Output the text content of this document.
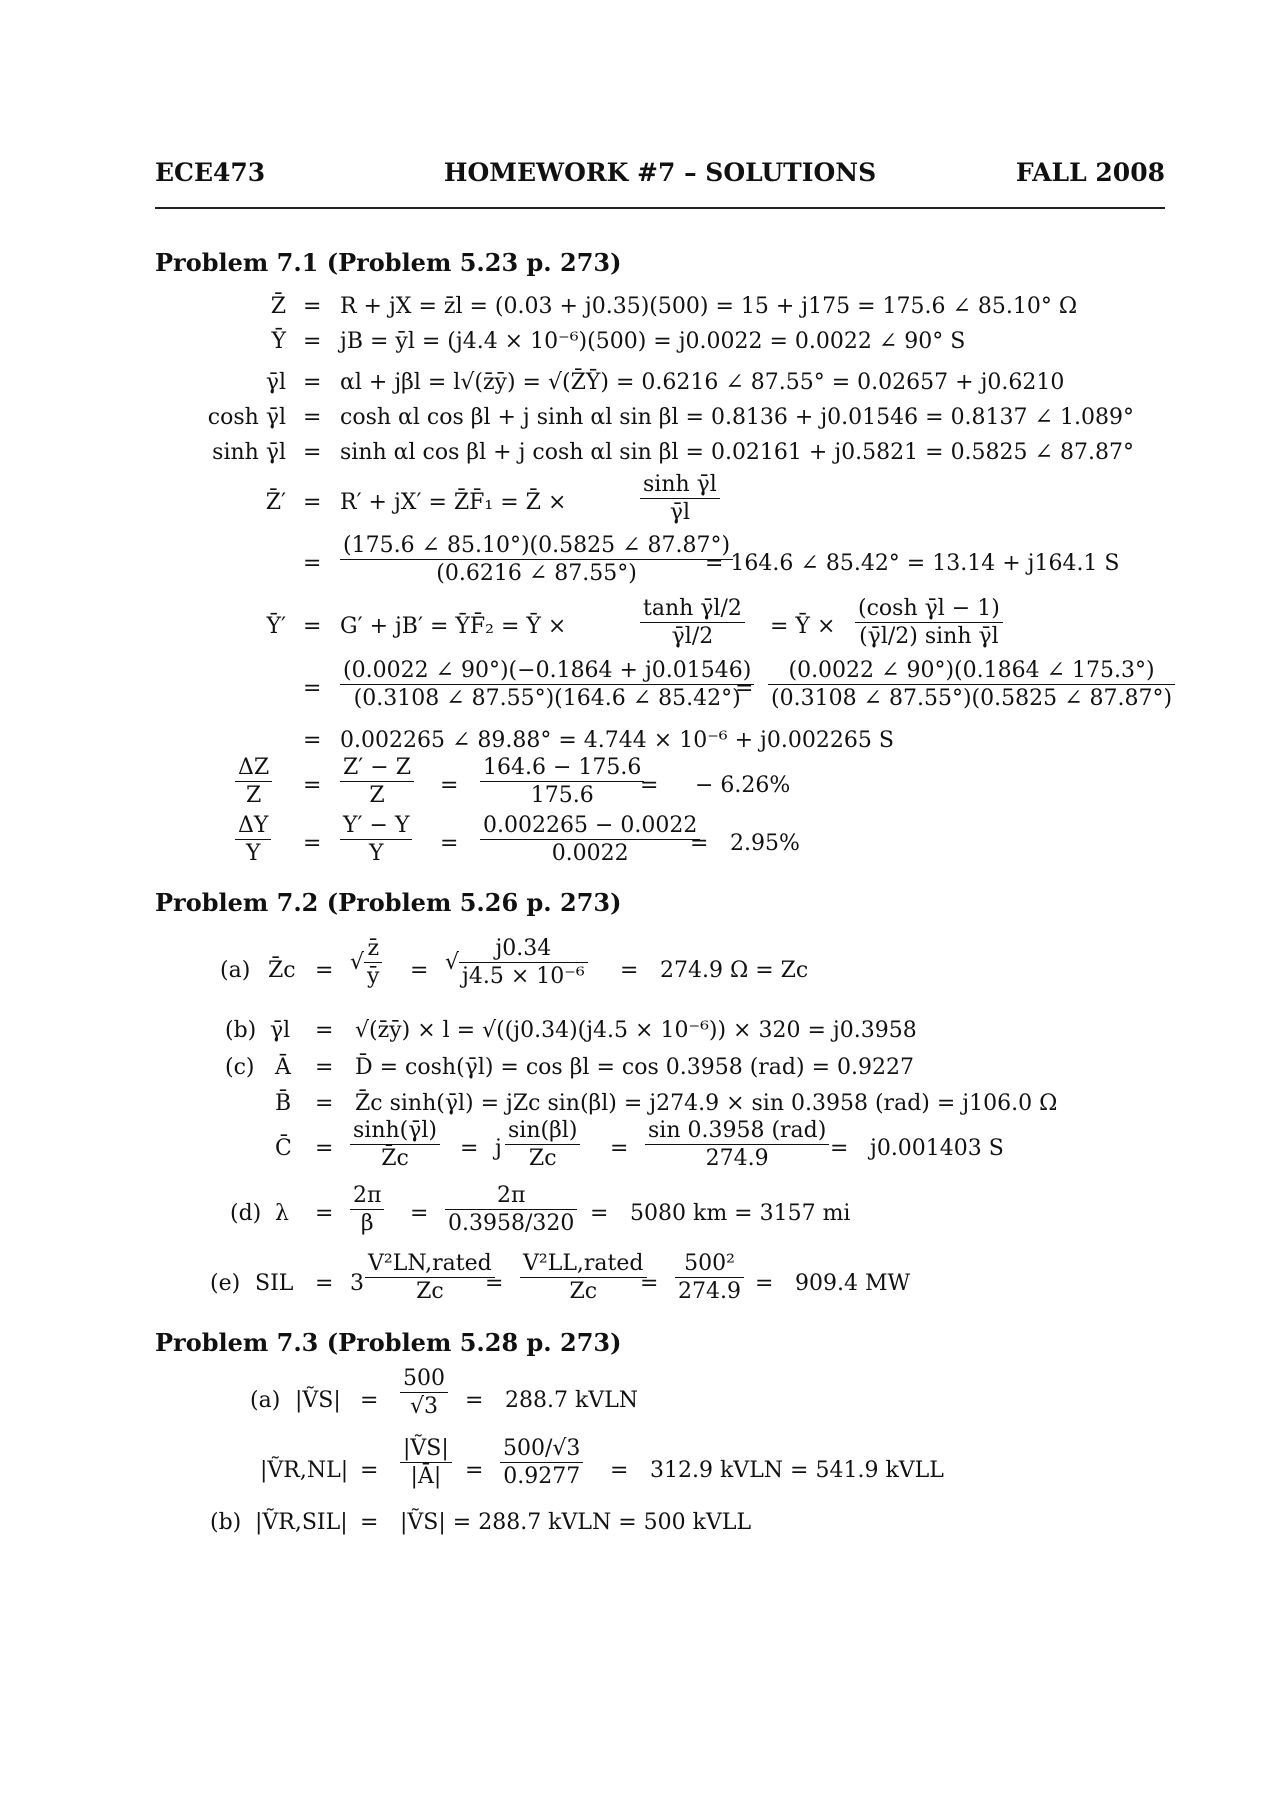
ECE473	HOMEWORK #7 – SOLUTIONS	FALL 2008
Problem 7.1 (Problem 5.23 p. 273)
Z̄ = R + jX = z̄l = (0.03 + j0.35)(500) = 15 + j175 = 175.6 ∠ 85.10° Ω
Ȳ = jB = ȳl = (j4.4 × 10⁻⁶)(500) = j0.0022 = 0.0022 ∠ 90° S
γ̄l = αl + jβl = l√(z̄ȳ) = √(Z̄Ȳ) = 0.6216 ∠ 87.55° = 0.02657 + j0.6210
cosh γ̄l = cosh αl cos βl + j sinh αl sin βl = 0.8136 + j0.01546 = 0.8137 ∠ 1.089°
sinh γ̄l = sinh αl cos βl + j cosh αl sin βl = 0.02161 + j0.5821 = 0.5825 ∠ 87.87°
Z̄′ = R′ + jX′ = Z̄F̄₁ = Z̄ ×	$\frac{\text{sinh γ̄l}}{\gammāl}$
= $\frac{(175.6 \angle 85.10^\circ)(0.5825 \angle 87.87^\circ)}{(0.6216 \angle 87.55^\circ)}$
= 164.6 ∠ 85.42° = 13.14 + j164.1 S
Ȳ′ = G′ + jB′ = ȲF̄₂ = Ȳ ×	$\frac{\text{tanh γ̄l/2}}{\gammāl/2}$ = Ȳ × $\frac{\text{(cosh γ̄l − 1)}}{\text{(γ̄l/2) sinh γ̄l}}$
= $\frac{(0.0022 \angle 90^\circ)(-0.1864 + j0.01546)}{(0.3108 \angle 87.55^\circ)(164.6 \angle 85.42^\circ)}$
= $\frac{(0.0022 \angle 90^\circ)(0.1864 \angle 175.3^\circ)}{(0.3108 \angle 87.55^\circ)(0.5825 \angle 87.87^\circ)}$
= 0.002265 ∠ 89.88° = 4.744 × 10⁻⁶ + j0.002265 S
$\frac{\Delta Z}{Z} = \frac{Z' - Z}{Z} = \frac{164.6 - 175.6}{175.6}$
= − 6.26%
$\frac{\Delta Y}{Y} = \frac{Y' - Y}{Y} = \frac{0.002265 - 0.0022}{0.0022}$
= 2.95%
Problem 7.2 (Problem 5.26 p. 273)
(a) Z̄c = √ $\frac{z̄}{ȳ}$ = √ $\frac{j0.34}{\text{j4.5 × 10⁻⁶}} = 274.9$ Ω = Zc
(b) γ̄l = √(z̄ȳ) × l = √((j0.34)(j4.5 × 10⁻⁶)) × 320 = j0.3958
(c) Ā = D̄ = cosh(γ̄l) = cos βl = cos 0.3958 (rad) = 0.9227
B̄ = Z̄c sinh(γ̄l) = jZc sin(βl) = j274.9 × sin 0.3958 (rad) = j106.0 Ω
C̄ = $\frac{\sinh(\gammāl)}{Z̄c} = j \frac{\sin(\beta l)}{Zc} = \frac{\text{sin 0.3958 (rad)}}{274.9} = j0.001403$ S
(d) $\lambda = \frac{2\pi}{\beta} = \frac{2\pi}{0.3958/320} = 5080$ km = 3157 mi
(e) SIL = $3 \frac{\text{V²LN,rated}}{Zc}$
= $\frac{\text{V²LL,rated}}{Zc}$
= $\frac{\text{500²}}{274.9} = 909.4$ MW
Problem 7.3 (Problem 5.28 p. 273)
(a) |ṼS| = $\frac{500}{√3} = 288.7$ kVLN
|ṼR,NL| = $\frac{\text{|ṼS|}}{|Ā|} = \frac{500/√3}{0.9277} = 312.9$ kVLN = 541.9 kVLL
(b) |ṼR,SIL| = |ṼS| = 288.7 kVLN = 500 kVLL
